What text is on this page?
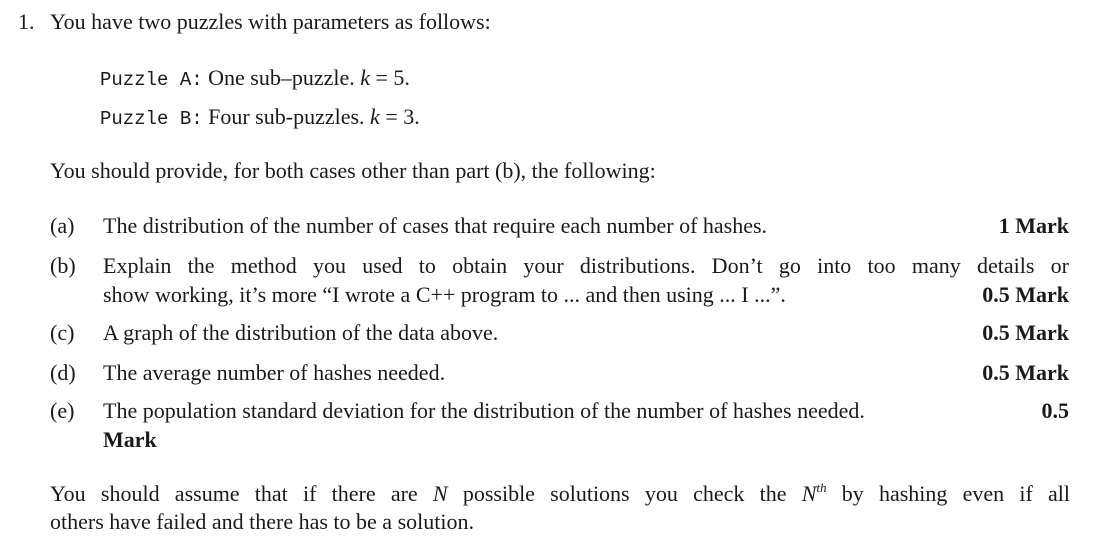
1. You have two puzzles with parameters as follows:
Puzzle A: One sub–puzzle. k = 5.
Puzzle B: Four sub-puzzles. k = 3.
You should provide, for both cases other than part (b), the following:
(a) The distribution of the number of cases that require each number of hashes.	1 Mark
(b) Explain the method you used to obtain your distributions. Don’t go into too many details or
show working, it’s more “I wrote a C++ program to ... and then using ... I ...”.	0.5 Mark
(c) A graph of the distribution of the data above.	0.5 Mark
(d) The average number of hashes needed.	0.5 Mark
(e) The population standard deviation for the distribution of the number of hashes needed.	0.5
Mark
You should assume that if there are N possible solutions you check the $N^{th}$ by hashing even if all
others have failed and there has to be a solution.
